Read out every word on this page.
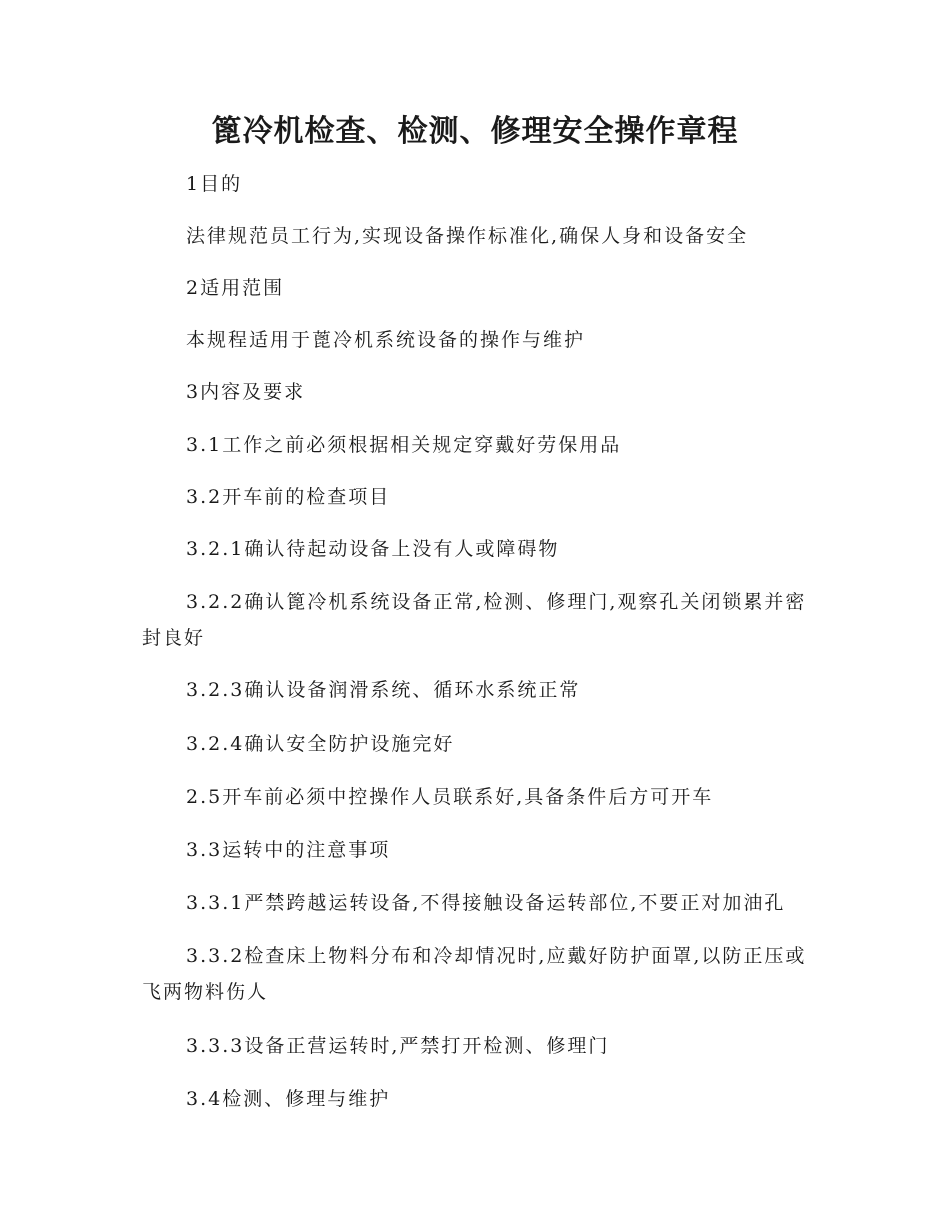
篦冷机检查、检测、修理安全操作章程

1目的

法律规范员工行为,实现设备操作标准化,确保人身和设备安全

2适用范围

本规程适用于蓖冷机系统设备的操作与维护

3内容及要求

3.1工作之前必须根据相关规定穿戴好劳保用品

3.2开车前的检查项目

3.2.1确认待起动设备上没有人或障碍物

3.2.2确认篦冷机系统设备正常,检测、修理门,观察孔关闭锁累并密封良好

3.2.3确认设备润滑系统、循环水系统正常

3.2.4确认安全防护设施完好

2.5开车前必须中控操作人员联系好,具备条件后方可开车

3.3运转中的注意事项

3.3.1严禁跨越运转设备,不得接触设备运转部位,不要正对加油孔

3.3.2检查床上物料分布和冷却情况时,应戴好防护面罩,以防正压或飞两物料伤人

3.3.3设备正营运转时,严禁打开检测、修理门

3.4检测、修理与维护
